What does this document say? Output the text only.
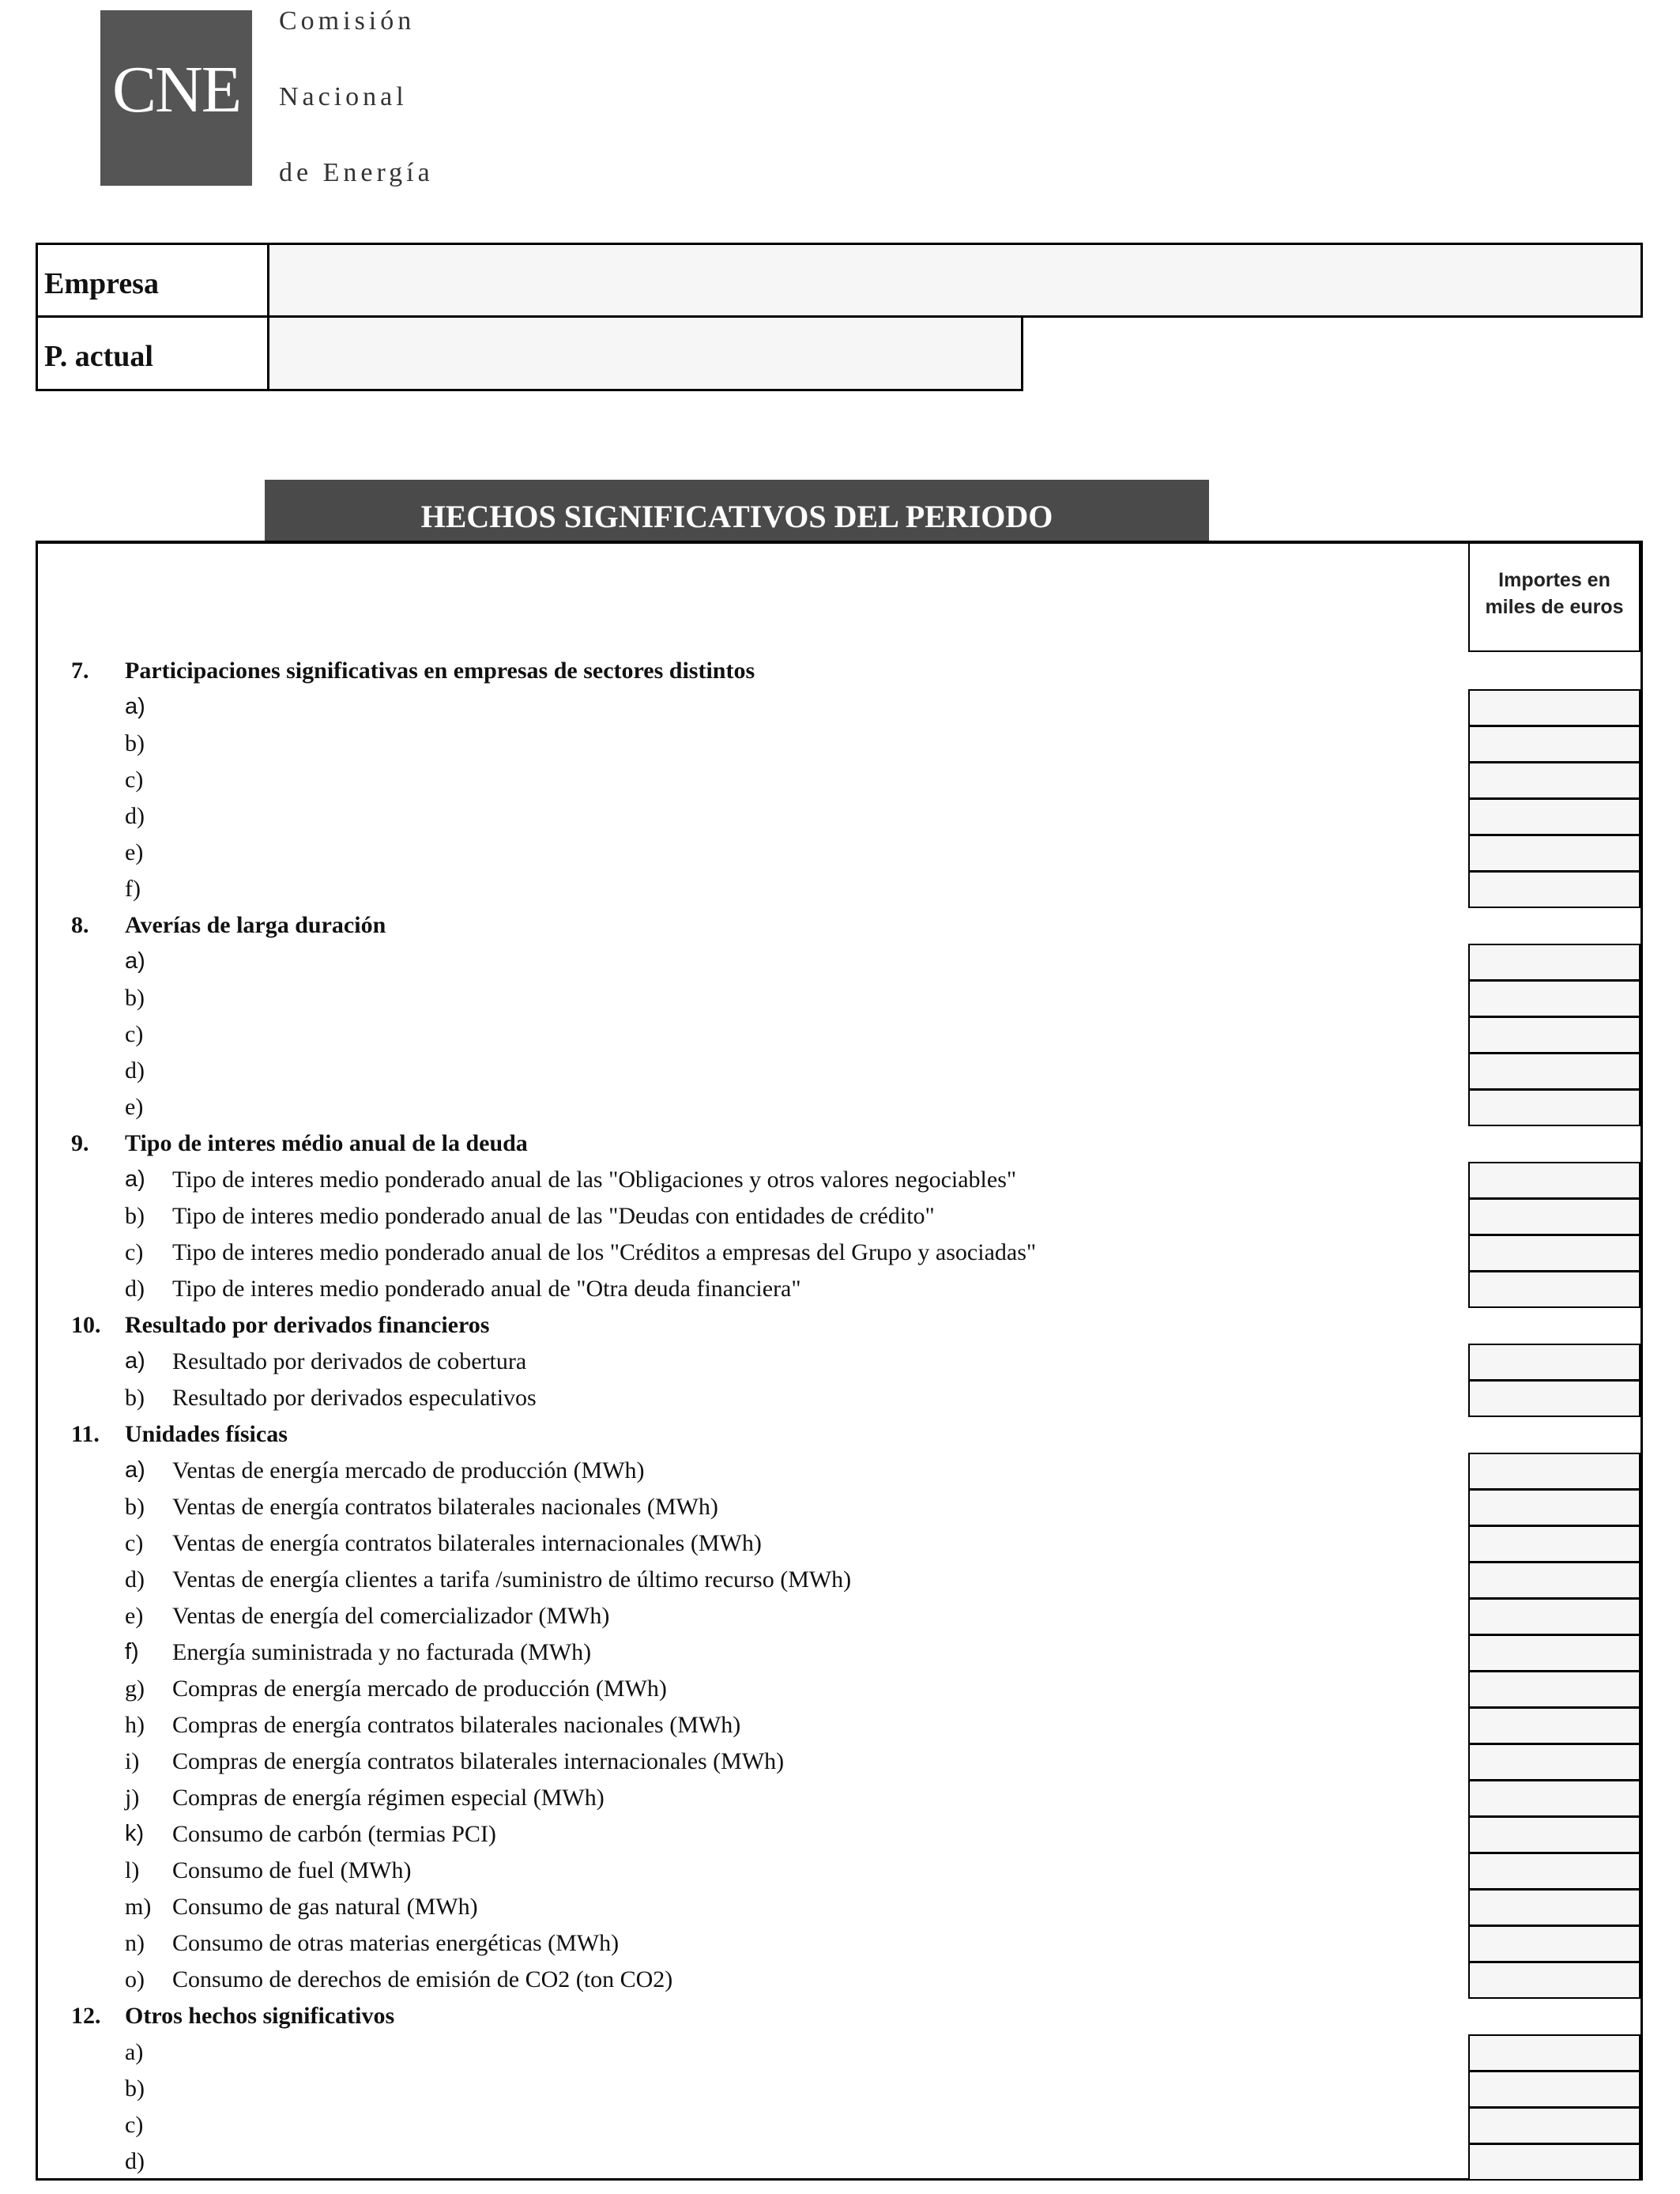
CNE
Comisión
Nacional
de Energía
Empresa
P. actual
HECHOS SIGNIFICATIVOS DEL PERIODO
Importes en
miles de euros
7. Participaciones significativas en empresas de sectores distintos
a)
b)
c)
d)
e)
f)
8. Averías de larga duración
a)
b)
c)
d)
e)
9. Tipo de interes médio anual de la deuda
a) Tipo de interes medio ponderado anual de las "Obligaciones y otros valores negociables"
b) Tipo de interes medio ponderado anual de las "Deudas con entidades de crédito"
c) Tipo de interes medio ponderado anual de los "Créditos a empresas del Grupo y asociadas"
d) Tipo de interes medio ponderado anual de "Otra deuda financiera"
10. Resultado por derivados financieros
a) Resultado por derivados de cobertura
b) Resultado por derivados especulativos
11. Unidades físicas
a) Ventas de energía mercado de producción (MWh)
b) Ventas de energía contratos bilaterales nacionales (MWh)
c) Ventas de energía contratos bilaterales internacionales (MWh)
d) Ventas de energía clientes a tarifa /suministro de último recurso (MWh)
e) Ventas de energía del comercializador (MWh)
f) Energía suministrada y no facturada (MWh)
g) Compras de energía mercado de producción (MWh)
h) Compras de energía contratos bilaterales nacionales (MWh)
i) Compras de energía contratos bilaterales internacionales (MWh)
j) Compras de energía régimen especial (MWh)
k) Consumo de carbón (termias PCI)
l) Consumo de fuel (MWh)
m) Consumo de gas natural (MWh)
n) Consumo de otras materias energéticas (MWh)
o) Consumo de derechos de emisión de CO2 (ton CO2)
12. Otros hechos significativos
a)
b)
c)
d)
